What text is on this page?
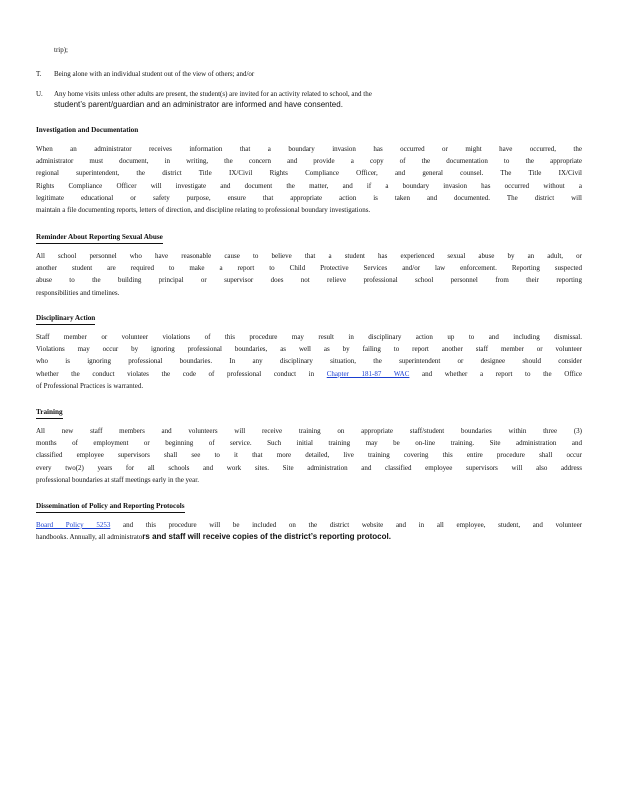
trip);
T. Being alone with an individual student out of the view of others; and/or
U. Any home visits unless other adults are present, the student(s) are invited for an activity related to school, and the
student’s parent/guardian and an administrator are informed and have consented.
Investigation and Documentation
When an administrator receives information that a boundary invasion has occurred or might have occurred, the
administrator must document, in writing, the concern and provide a copy of the documentation to the appropriate
regional superintendent, the district Title IX/Civil Rights Compliance Officer, and general counsel. The Title IX/Civil
Rights Compliance Officer will investigate and document the matter, and if a boundary invasion has occurred without a
legitimate educational or safety purpose, ensure that appropriate action is taken and documented. The district will
maintain a file documenting reports, letters of direction, and discipline relating to professional boundary investigations.
Reminder About Reporting Sexual Abuse
All school personnel who have reasonable cause to believe that a student has experienced sexual abuse by an adult, or
another student are required to make a report to Child Protective Services and/or law enforcement. Reporting suspected
abuse to the building principal or supervisor does not relieve professional school personnel from their reporting
responsibilities and timelines.
Disciplinary Action
Staff member or volunteer violations of this procedure may result in disciplinary action up to and including dismissal.
Violations may occur by ignoring professional boundaries, as well as by failing to report another staff member or volunteer
who is ignoring professional boundaries. In any disciplinary situation, the superintendent or designee should consider
whether the conduct violates the code of professional conduct in Chapter 181-87 WAC and whether a report to the Office
of Professional Practices is warranted.
Training
All new staff members and volunteers will receive training on appropriate staff/student boundaries within three (3)
months of employment or beginning of service. Such initial training may be on-line training. Site administration and
classified employee supervisors shall see to it that more detailed, live training covering this entire procedure shall occur
every two(2) years for all schools and work sites. Site administration and classified employee supervisors will also address
professional boundaries at staff meetings early in the year.
Dissemination of Policy and Reporting Protocols
Board Policy 5253 and this procedure will be included on the district website and in all employee, student, and volunteer
handbooks. Annually, all administrators and staff will receive copies of the district’s reporting protocol.
